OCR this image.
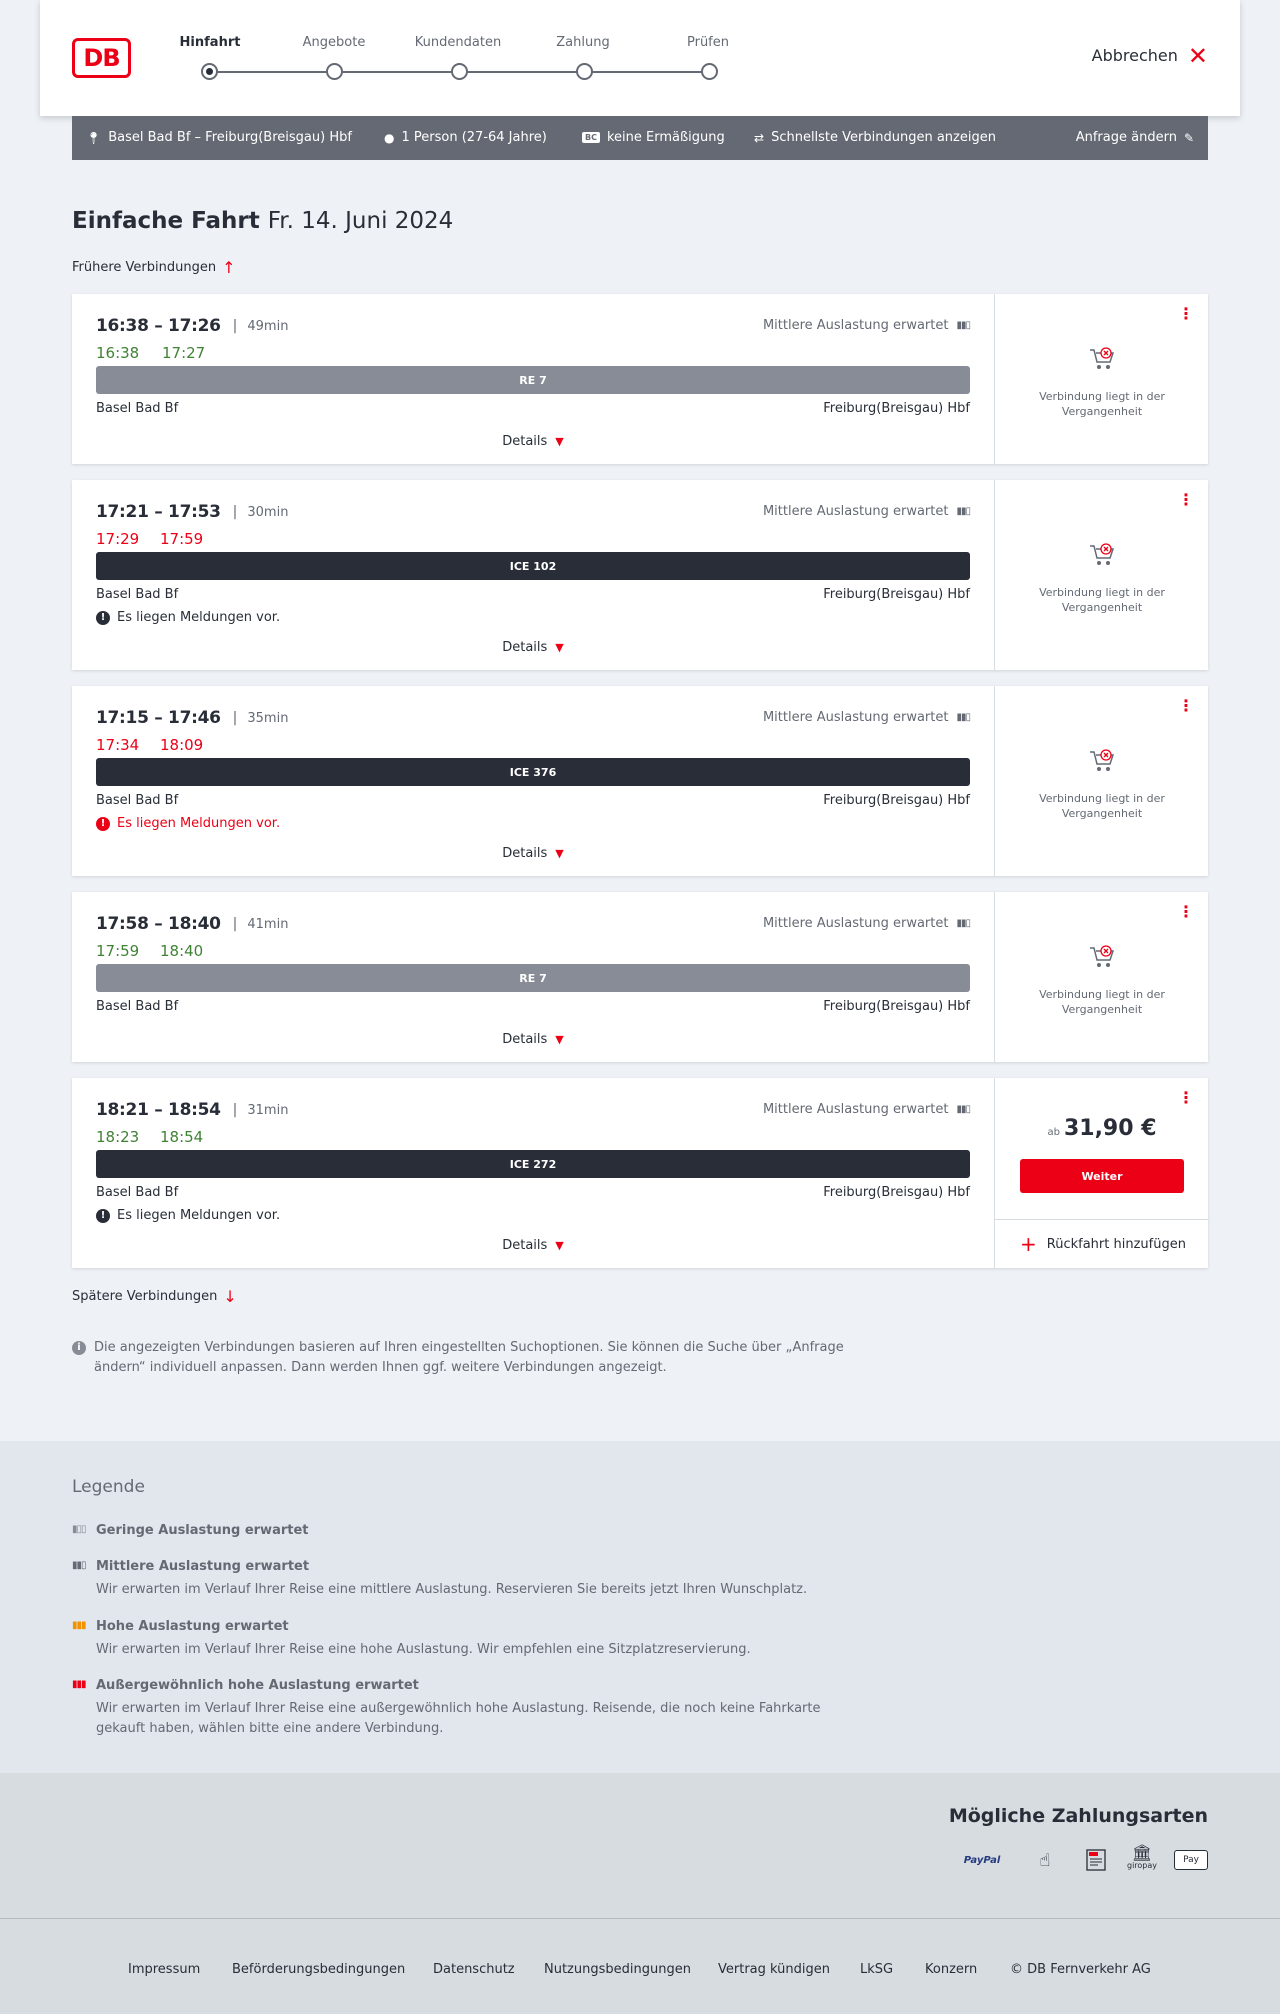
DB
Hinfahrt	Angebote	Kundendaten	Zahlung	Prüfen
Abbrechen ✕
📍︎ Basel Bad Bf – Freiburg(Breisgau) Hbf	● 1 Person (27-64 Jahre)	BC keine Ermäßigung ⇄ Schnellste Verbindungen anzeigen	Anfrage ändern ✎
Einfache Fahrt Fr. 14. Juni 2024
Frühere Verbindungen ↑
16:38 – 17:26 | 49min
16:38 17:27
Mittlere Auslastung erwartet ▮▮▯
RE 7
Basel Bad Bf	Freiburg(Breisgau) Hbf
Details ▼
⋮
Verbindung liegt in der Vergangenheit
17:21 – 17:53 | 30min
17:29 17:59
Mittlere Auslastung erwartet ▮▮▯
ICE 102
Basel Bad Bf	Freiburg(Breisgau) Hbf
! Es liegen Meldungen vor.
Details ▼
⋮
Verbindung liegt in der Vergangenheit
17:15 – 17:46 | 35min
17:34 18:09
Mittlere Auslastung erwartet ▮▮▯
ICE 376
Basel Bad Bf	Freiburg(Breisgau) Hbf
! Es liegen Meldungen vor.
Details ▼
⋮
Verbindung liegt in der Vergangenheit
17:58 – 18:40 | 41min
17:59 18:40
Mittlere Auslastung erwartet ▮▮▯
RE 7
Basel Bad Bf	Freiburg(Breisgau) Hbf
Details ▼
⋮
Verbindung liegt in der Vergangenheit
18:21 – 18:54 | 31min
18:23 18:54
Mittlere Auslastung erwartet ▮▮▯
ICE 272
Basel Bad Bf	Freiburg(Breisgau) Hbf
! Es liegen Meldungen vor.
Details ▼
⋮
ab 31,90 €
Weiter
+ Rückfahrt hinzufügen
Spätere Verbindungen ↓
i	Die angezeigten Verbindungen basieren auf Ihren eingestellten Suchoptionen. Sie können die Suche über „Anfrage ändern“ individuell anpassen. Dann werden Ihnen ggf. weitere Verbindungen angezeigt.
Legende
▮▯▯ Geringe Auslastung erwartet
▮▮▯ Mittlere Auslastung erwartet
Wir erwarten im Verlauf Ihrer Reise eine mittlere Auslastung. Reservieren Sie bereits jetzt Ihren Wunschplatz.
▮▮▮ Hohe Auslastung erwartet
Wir erwarten im Verlauf Ihrer Reise eine hohe Auslastung. Wir empfehlen eine Sitzplatzreservierung.
▮▮▮ Außergewöhnlich hohe Auslastung erwartet
Wir erwarten im Verlauf Ihrer Reise eine außergewöhnlich hohe Auslastung. Reisende, die noch keine Fahrkarte gekauft haben, wählen bitte eine andere Verbindung.
Mögliche Zahlungsarten
PayPal	☝	🏛︎
giropay	Pay
Impressum Beförderungsbedingungen Datenschutz Nutzungsbedingungen Vertrag kündigen LkSG Konzern	© DB Fernverkehr AG
